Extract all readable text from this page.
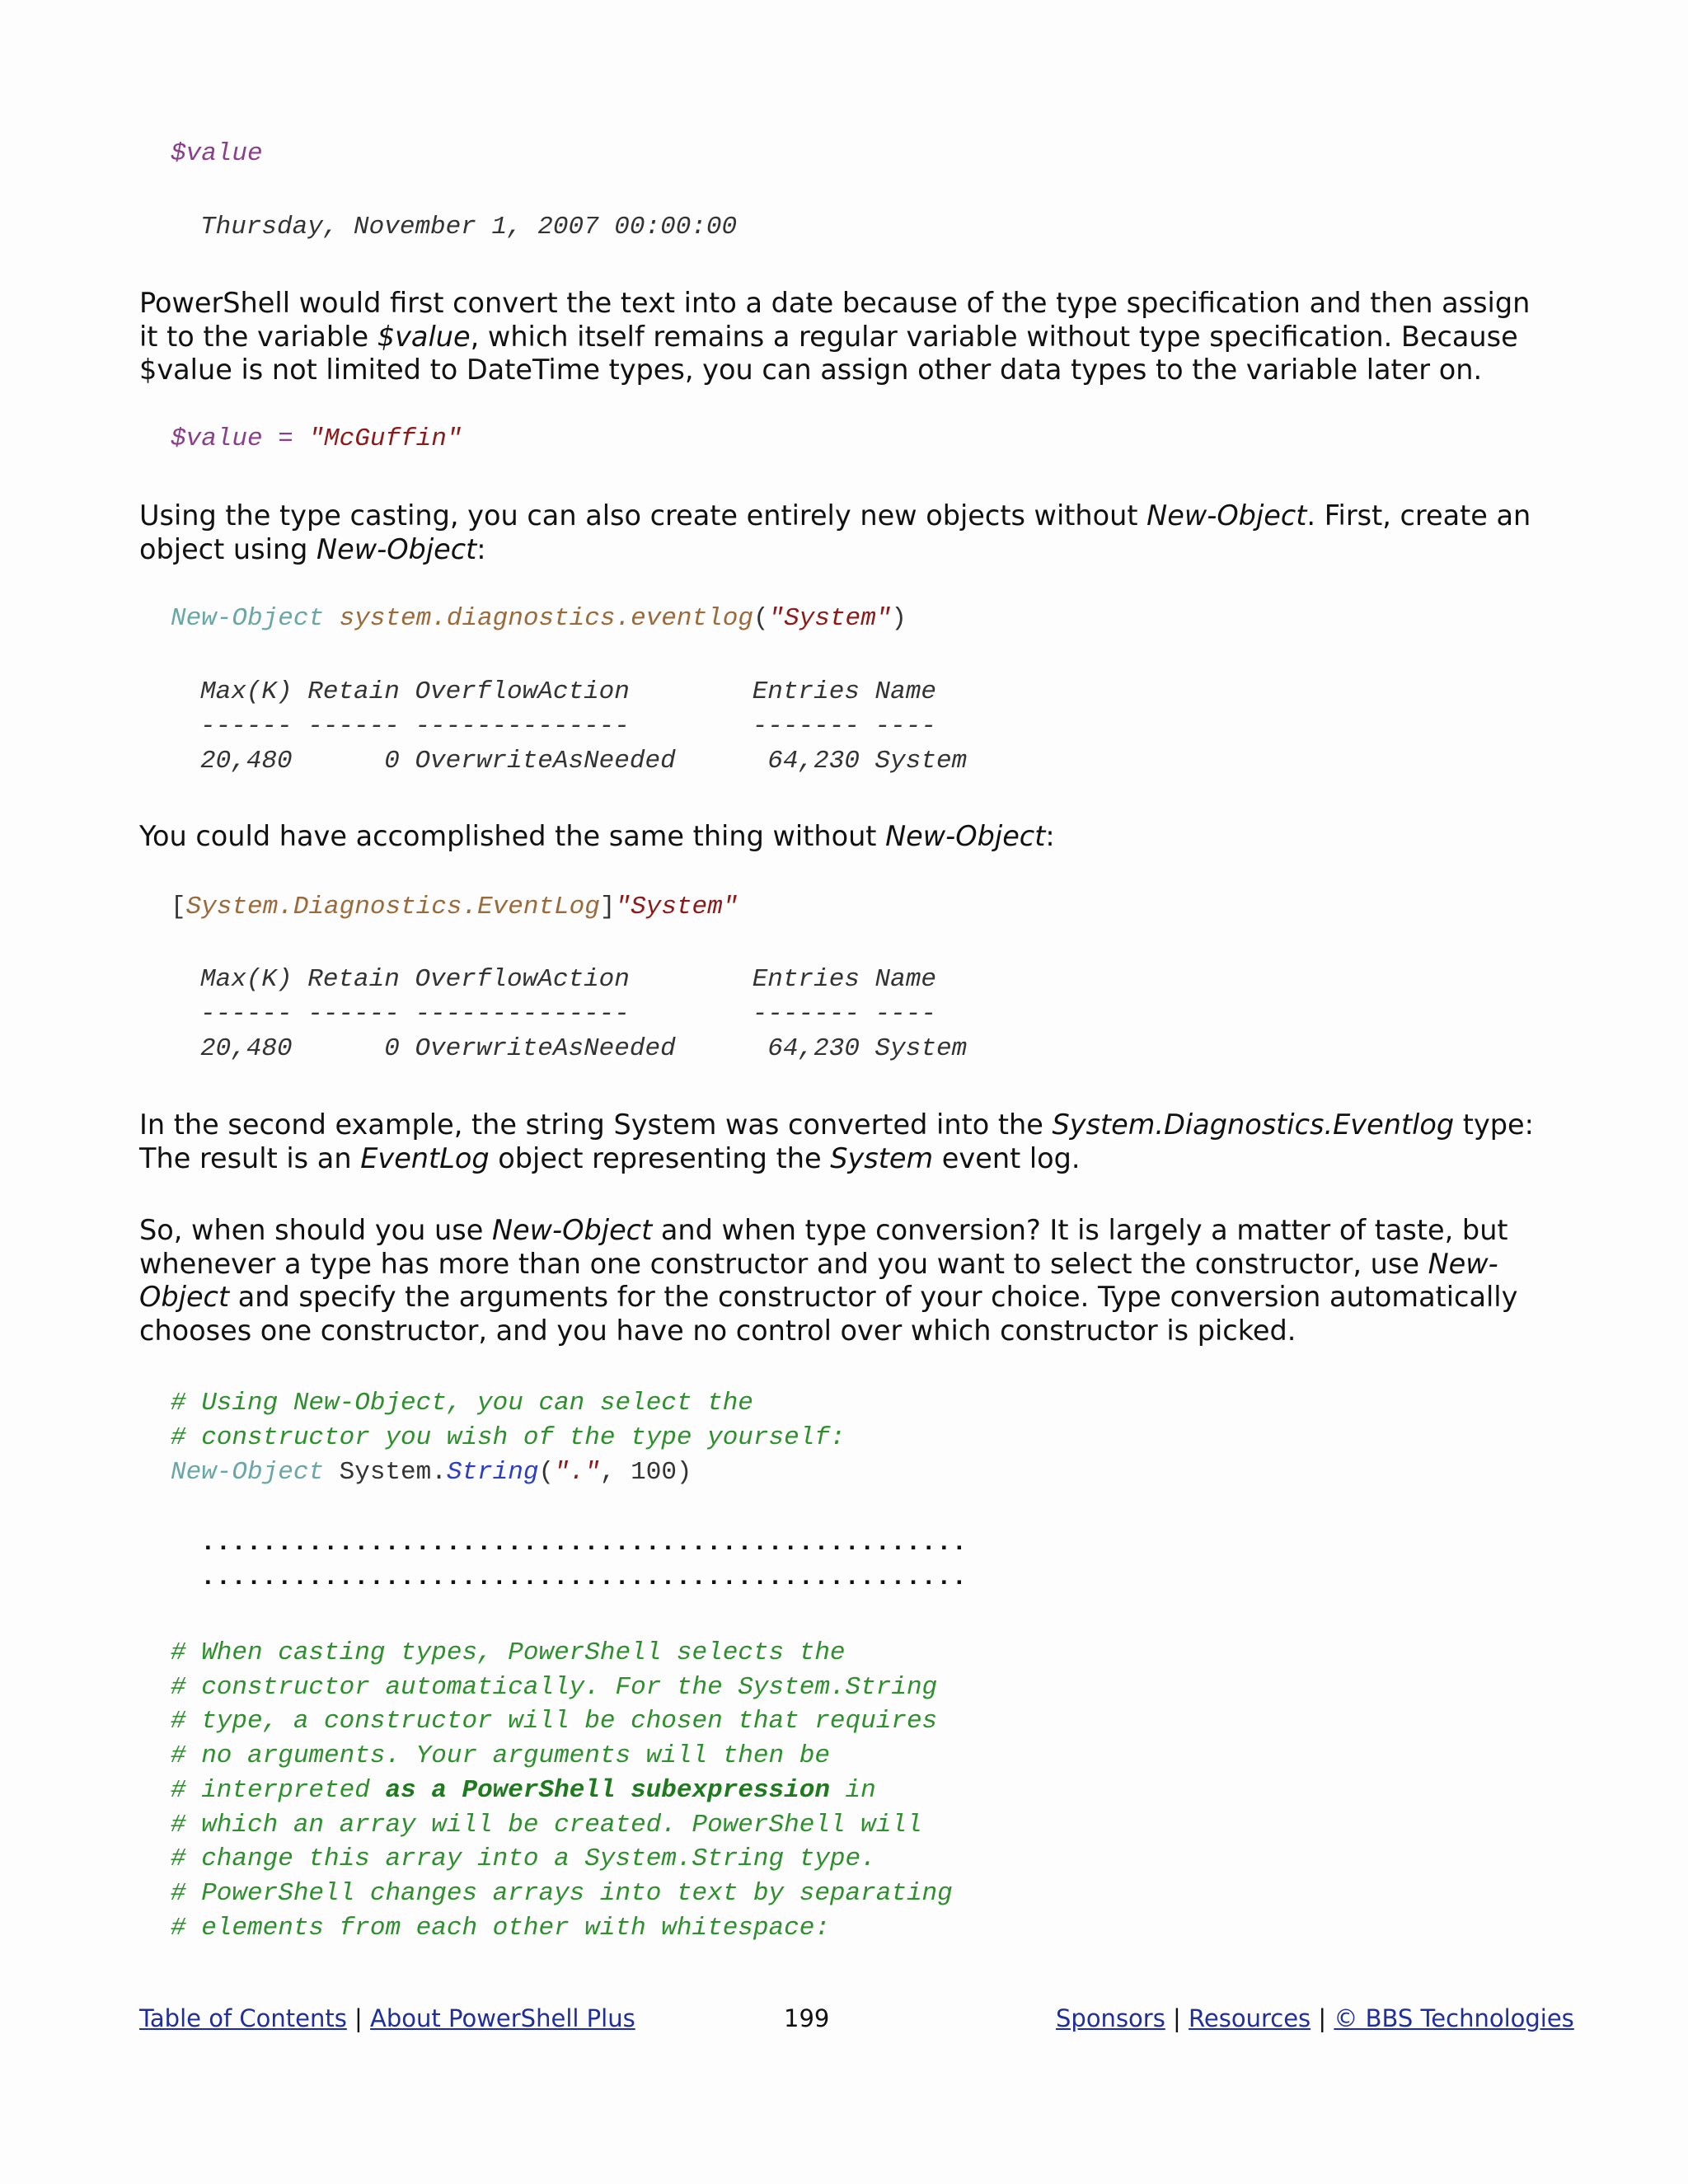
$value
Thursday, November 1, 2007 00:00:00

PowerShell would first convert the text into a date because of the type specification and then assign it to the variable $value, which itself remains a regular variable without type specification. Because $value is not limited to DateTime types, you can assign other data types to the variable later on.

$value = "McGuffin"

Using the type casting, you can also create entirely new objects without New-Object. First, create an object using New-Object:

New-Object system.diagnostics.eventlog("System")
Max(K) Retain OverflowAction        Entries Name
------ ------ --------------        ------- ----
20,480      0 OverwriteAsNeeded      64,230 System

You could have accomplished the same thing without New-Object:

[System.Diagnostics.EventLog]"System"
Max(K) Retain OverflowAction        Entries Name
------ ------ --------------        ------- ----
20,480      0 OverwriteAsNeeded      64,230 System

In the second example, the string System was converted into the System.Diagnostics.Eventlog type: The result is an EventLog object representing the System event log.

So, when should you use New-Object and when type conversion? It is largely a matter of taste, but whenever a type has more than one constructor and you want to select the constructor, use New-Object and specify the arguments for the constructor of your choice. Type conversion automatically chooses one constructor, and you have no control over which constructor is picked.

# Using New-Object, you can select the
# constructor you wish of the type yourself:
New-Object System.String(".", 100)
..................................................
..................................................
# When casting types, PowerShell selects the
# constructor automatically. For the System.String
# type, a constructor will be chosen that requires
# no arguments. Your arguments will then be
# interpreted as a PowerShell subexpression in
# which an array will be created. PowerShell will
# change this array into a System.String type.
# PowerShell changes arrays into text by separating
# elements from each other with whitespace:
Table of Contents | About PowerShell Plus	199	Sponsors | Resources | © BBS Technologies
